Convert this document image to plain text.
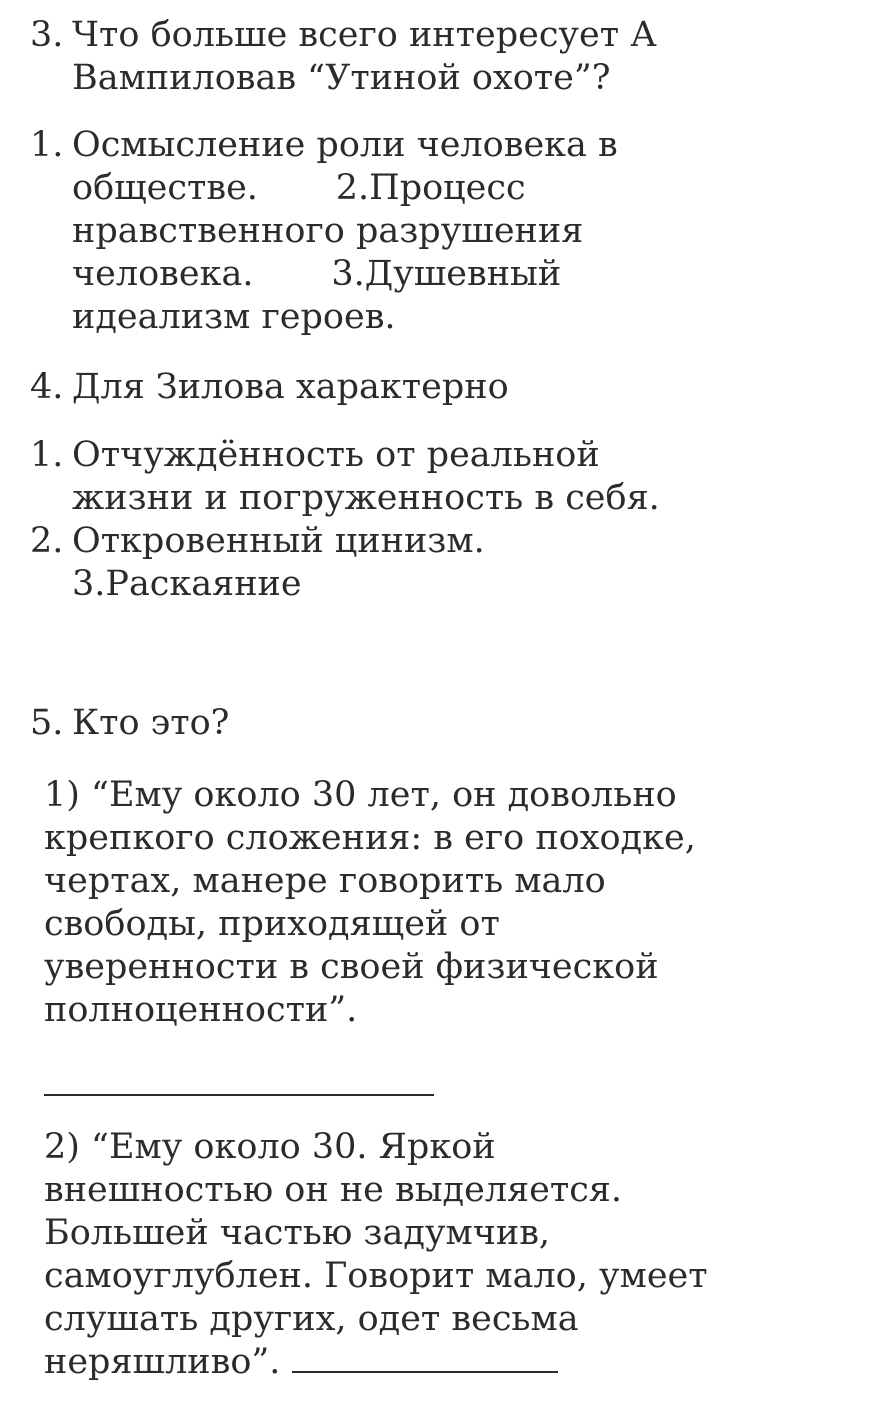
3. Что больше всего интересует А
Вампиловав “Утиной охоте”?
1. Осмысление роли человека в
обществе.       2.Процесс
нравственного разрушения
человека.       3.Душевный
идеализм героев.
4. Для Зилова характерно
1. Отчуждённость от реальной
жизни и погруженность в себя.
2. Откровенный цинизм.
3.Раскаяние
5. Кто это?
1) “Ему около 30 лет, он довольно
крепкого сложения: в его походке,
чертах, манере говорить мало
свободы, приходящей от
уверенности в своей физической
полноценности”.
2) “Ему около 30. Яркой
внешностью он не выделяется.
Большей частью задумчив,
самоуглублен. Говорит мало, умеет
слушать других, одет весьма
неряшливо”.
